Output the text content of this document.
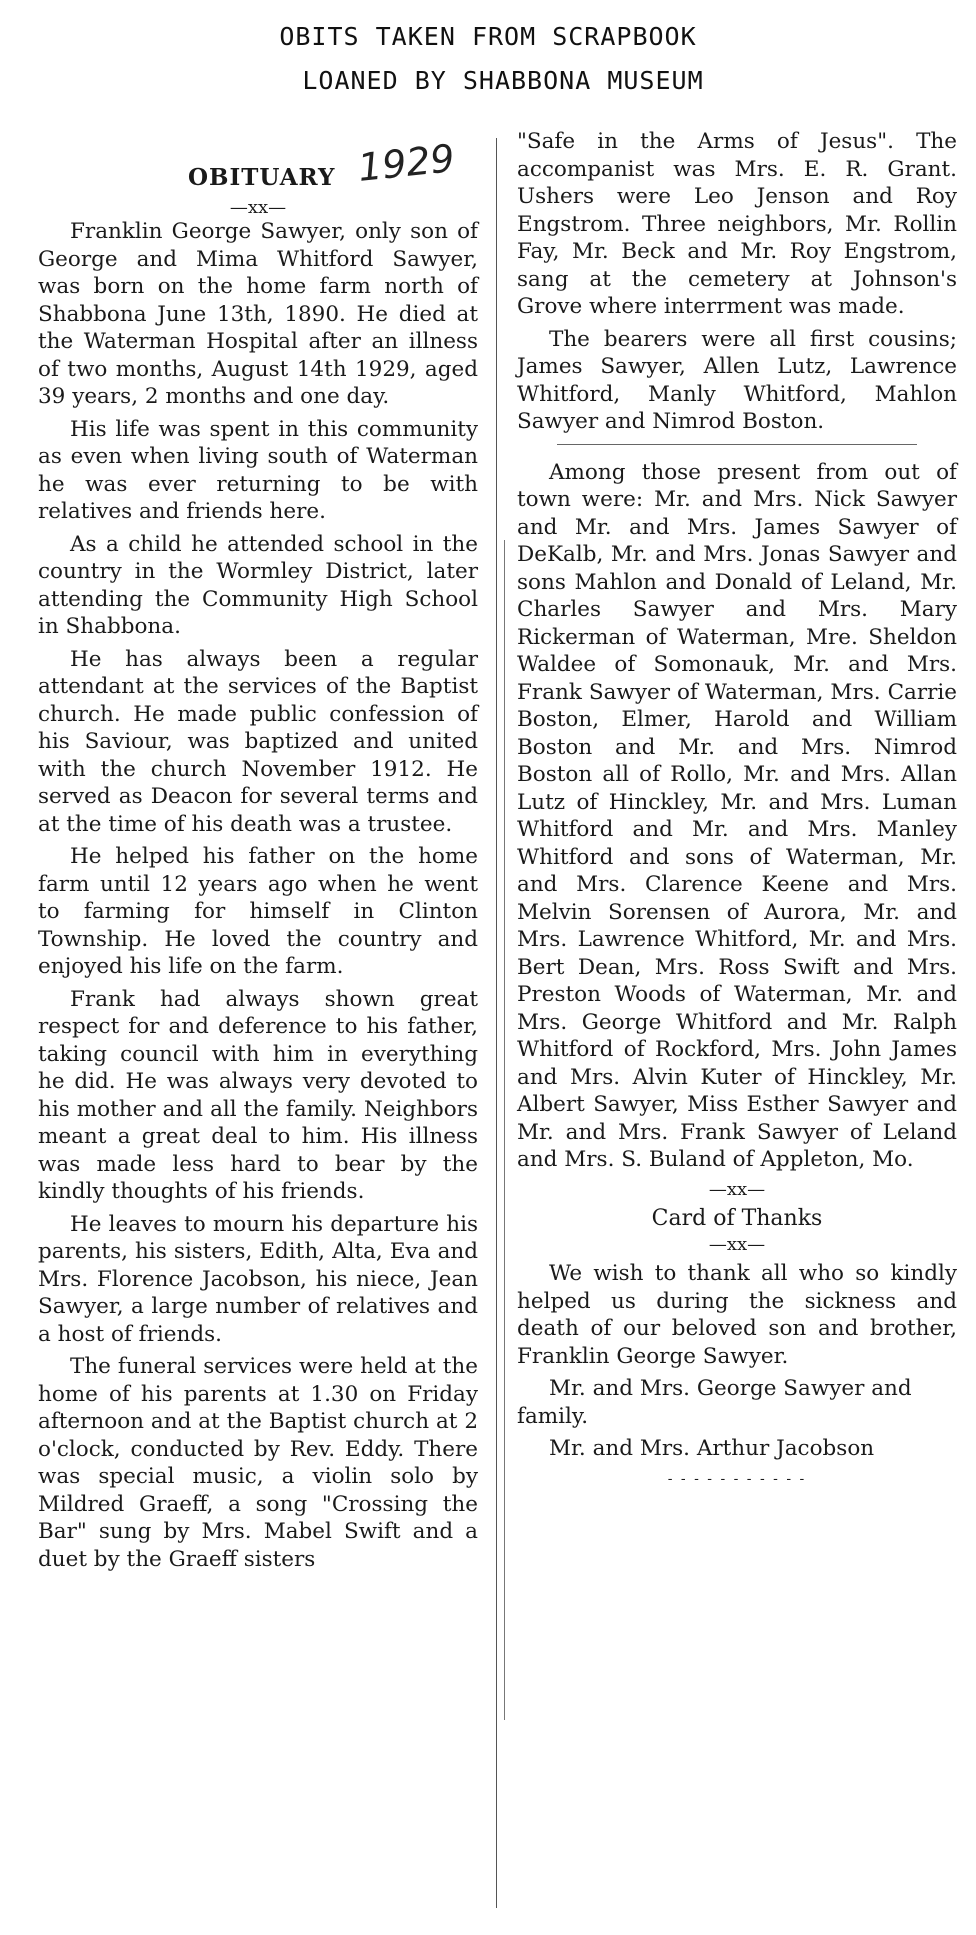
OBITS TAKEN FROM SCRAPBOOK
LOANED BY SHABBONA MUSEUM
OBITUARY 1929
—xx—

Franklin George Sawyer, only son of George and Mima Whitford Sawyer, was born on the home farm north of Shabbona June 13th, 1890. He died at the Waterman Hospital after an illness of two months, August 14th 1929, aged 39 years, 2 months and one day.

His life was spent in this community as even when living south of Waterman he was ever returning to be with relatives and friends here.

As a child he attended school in the country in the Wormley District, later attending the Community High School in Shabbona.

He has always been a regular attendant at the services of the Baptist church. He made public confession of his Saviour, was baptized and united with the church November 1912. He served as Deacon for several terms and at the time of his death was a trustee.

He helped his father on the home farm until 12 years ago when he went to farming for himself in Clinton Township. He loved the country and enjoyed his life on the farm.

Frank had always shown great respect for and deference to his father, taking council with him in everything he did. He was always very devoted to his mother and all the family. Neighbors meant a great deal to him. His illness was made less hard to bear by the kindly thoughts of his friends.

He leaves to mourn his departure his parents, his sisters, Edith, Alta, Eva and Mrs. Florence Jacobson, his niece, Jean Sawyer, a large number of relatives and a host of friends.

The funeral services were held at the home of his parents at 1.30 on Friday afternoon and at the Baptist church at 2 o'clock, conducted by Rev. Eddy. There was special music, a violin solo by Mildred Graeff, a song "Crossing the Bar" sung by Mrs. Mabel Swift and a duet by the Graeff sisters

"Safe in the Arms of Jesus". The accompanist was Mrs. E. R. Grant. Ushers were Leo Jenson and Roy Engstrom. Three neighbors, Mr. Rollin Fay, Mr. Beck and Mr. Roy Engstrom, sang at the cemetery at Johnson's Grove where interrment was made.

The bearers were all first cousins; James Sawyer, Allen Lutz, Lawrence Whitford, Manly Whitford, Mahlon Sawyer and Nimrod Boston.

Among those present from out of town were: Mr. and Mrs. Nick Sawyer and Mr. and Mrs. James Sawyer of DeKalb, Mr. and Mrs. Jonas Sawyer and sons Mahlon and Donald of Leland, Mr. Charles Sawyer and Mrs. Mary Rickerman of Waterman, Mre. Sheldon Waldee of Somonauk, Mr. and Mrs. Frank Sawyer of Waterman, Mrs. Carrie Boston, Elmer, Harold and William Boston and Mr. and Mrs. Nimrod Boston all of Rollo, Mr. and Mrs. Allan Lutz of Hinckley, Mr. and Mrs. Luman Whitford and Mr. and Mrs. Manley Whitford and sons of Waterman, Mr. and Mrs. Clarence Keene and Mrs. Melvin Sorensen of Aurora, Mr. and Mrs. Lawrence Whitford, Mr. and Mrs. Bert Dean, Mrs. Ross Swift and Mrs. Preston Woods of Waterman, Mr. and Mrs. George Whitford and Mr. Ralph Whitford of Rockford, Mrs. John James and Mrs. Alvin Kuter of Hinckley, Mr. Albert Sawyer, Miss Esther Sawyer and Mr. and Mrs. Frank Sawyer of Leland and Mrs. S. Buland of Appleton, Mo.

—xx—
Card of Thanks
—xx—

We wish to thank all who so kindly helped us during the sickness and death of our beloved son and brother, Franklin George Sawyer.

Mr. and Mrs. George Sawyer and family.

Mr. and Mrs. Arthur Jacobson

- - - - - - - - - - -
